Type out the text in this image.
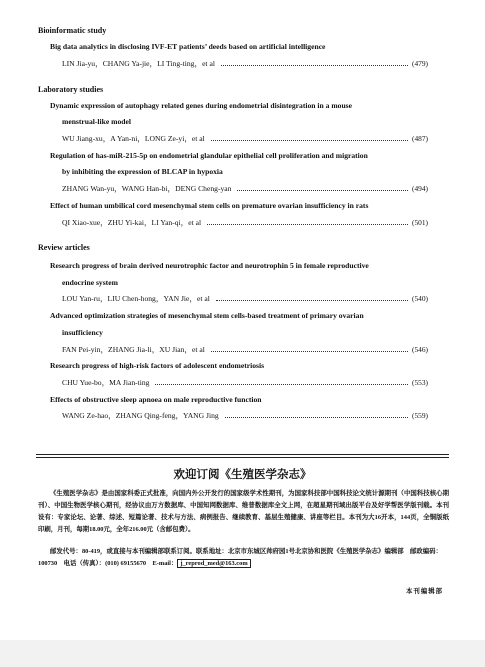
Bioinformatic study
Big data analytics in disclosing IVF-ET patients’ deeds based on artificial intelligence
LIN Jia-yu，CHANG Ya-jie，LI Ting-ting，et al	(479)
Laboratory studies
Dynamic expression of autophagy related genes during endometrial disintegration in a mouse
menstrual-like model
WU Jiang-xu，A Yan-ni，LONG Ze-yi，et al	(487)
Regulation of has-miR-215-5p on endometrial glandular epithelial cell proliferation and migration
by inhibiting the expression of BLCAP in hypoxia
ZHANG Wan-yu，WANG Han-bi，DENG Cheng-yan	(494)
Effect of human umbilical cord mesenchymal stem cells on premature ovarian insufficiency in rats
QI Xiao-xue，ZHU Yi-kai，LI Yan-qi，et al	(501)
Review articles
Research progress of brain derived neurotrophic factor and neurotrophin 5 in female reproductive
endocrine system
LOU Yan-ru，LIU Chen-hong，YAN Jie，et al	(540)
Advanced optimization strategies of mesenchymal stem cells-based treatment of primary ovarian
insufficiency
FAN Pei-yin，ZHANG Jia-li，XU Jian，et al	(546)
Research progress of high-risk factors of adolescent endometriosis
CHU Yue-bo，MA Jian-ting	(553)
Effects of obstructive sleep apnoea on male reproductive function
WANG Ze-hao，ZHANG Qing-feng，YANG Jing	(559)
欢迎订阅《生殖医学杂志》
《生殖医学杂志》是由国家科委正式批准，向国内外公开发行的国家级学术性期刊，为国家科技部中国科技论文统计源期刊（中国科技核心期刊）、中国生物医学核心期刊，经协议由万方数据库、中国知网数据库、维普数据库全文上网，在超星期刊域出版平台及好学帮医学版刊载。本刊设有：专家论坛、论著、综述、短篇论著、技术与方法、病例报告、继续教育、基层生殖健康、讲座等栏目。本刊为大16开本，144页，全铜版纸印刷，月刊，每期18.00元，全年216.00元（含邮包费）。
邮发代号：80-419，或直接与本刊编辑部联系订阅。联系地址：北京市东城区帅府园1号北京协和医院《生殖医学杂志》编辑部　邮政编码：100730　电话（传真）：(010) 69155670　E-mail： j_reprod_med@163.com
本刊编辑部
